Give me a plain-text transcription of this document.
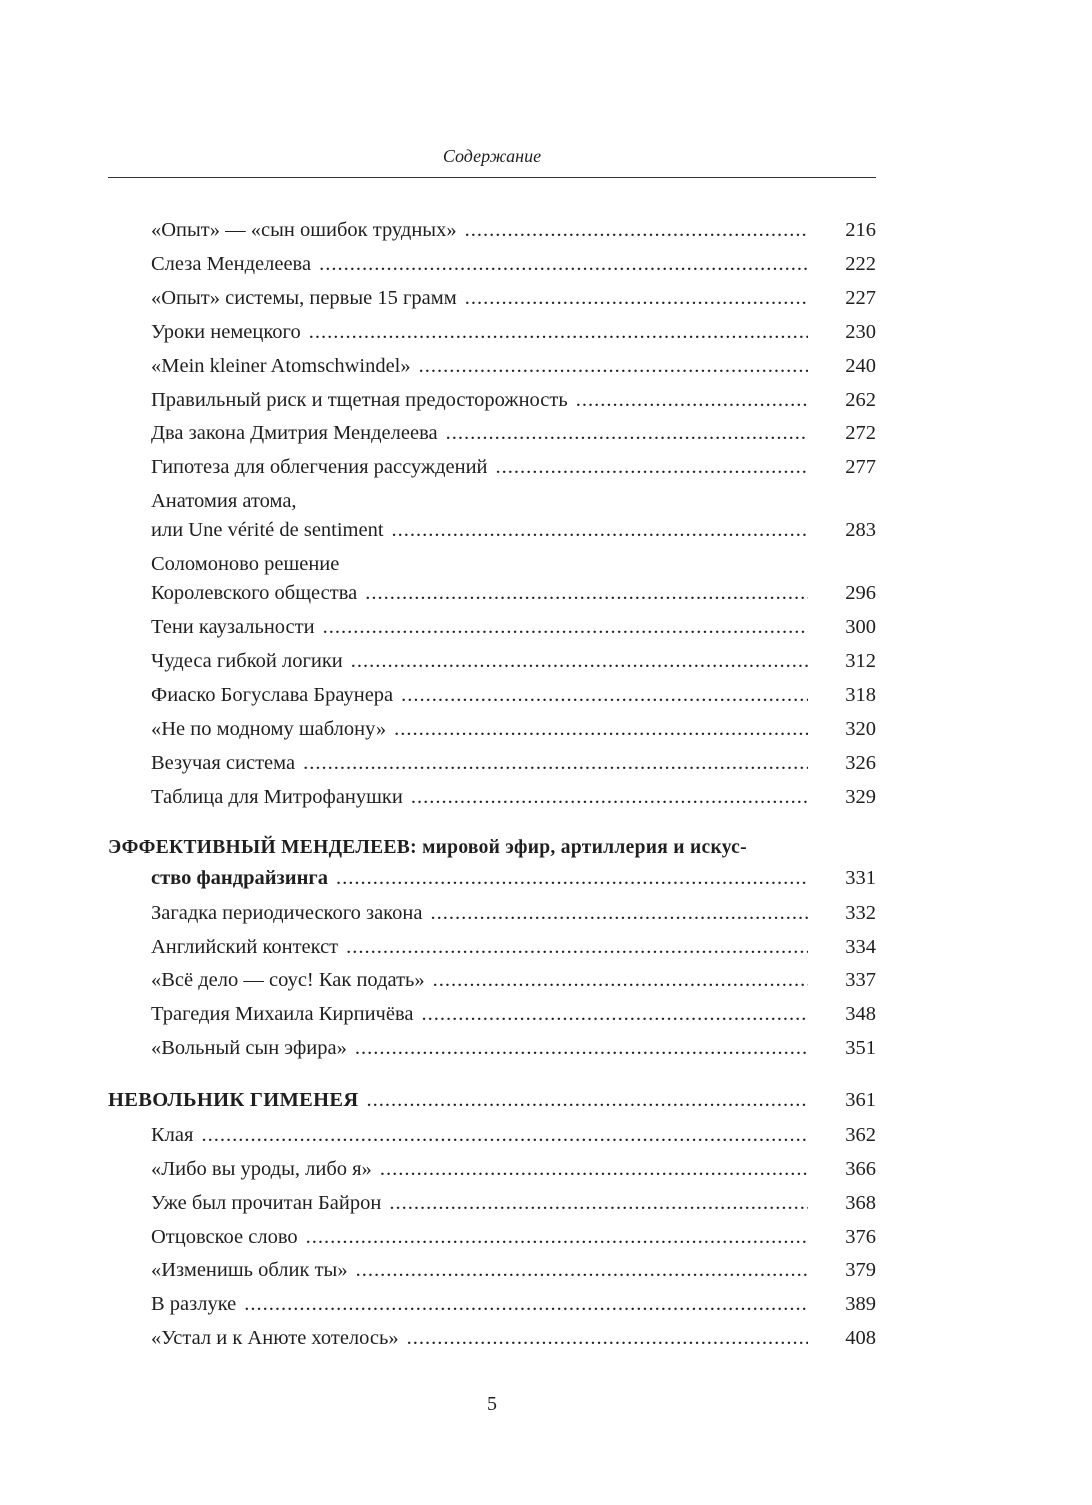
Содержание
«Опыт» — «сын ошибок трудных» .....	216
Слеза Менделеева .....	222
«Опыт» системы, первые 15 грамм .....	227
Уроки немецкого .....	230
«Mein kleiner Atomschwindel» .....	240
Правильный риск и тщетная предосторожность .....	262
Два закона Дмитрия Менделеева .....	272
Гипотеза для облегчения рассуждений .....	277
Анатомия атома,
или Une vérité de sentiment .....	283
Соломоново решение
Королевского общества .....	296
Тени каузальности .....	300
Чудеса гибкой логики .....	312
Фиаско Богуслава Браунера .....	318
«Не по модному шаблону» .....	320
Везучая система .....	326
Таблица для Митрофанушки .....	329
ЭФФЕКТИВНЫЙ МЕНДЕЛЕЕВ: мировой эфир, артиллерия и искус-
ство фандрайзинга .....	331
Загадка периодического закона .....	332
Английский контекст .....	334
«Всё дело — соус! Как подать» .....	337
Трагедия Михаила Кирпичёва .....	348
«Вольный сын эфира» .....	351
НЕВОЛЬНИК ГИМЕНЕЯ .....	361
Клая .....	362
«Либо вы уроды, либо я» .....	366
Уже был прочитан Байрон .....	368
Отцовское слово .....	376
«Изменишь облик ты» .....	379
В разлуке .....	389
«Устал и к Анюте хотелось» .....	408
5
